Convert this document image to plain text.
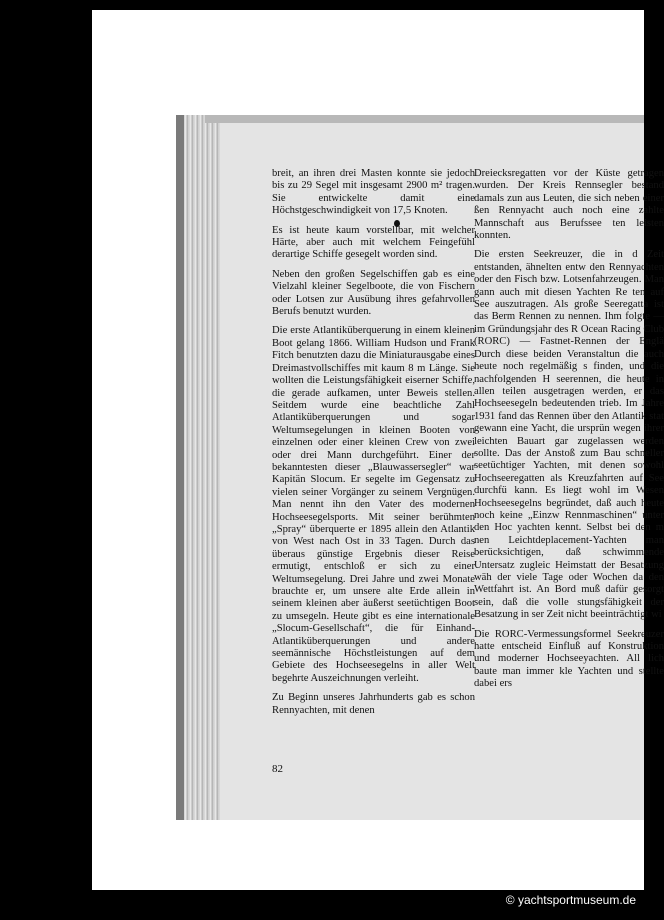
breit, an ihren drei Masten konnte sie jedoch bis zu 29 Segel mit insgesamt 2900 m² tragen. Sie entwickelte damit eine Höchstgeschwindigkeit von 17,5 Knoten.

Es ist heute kaum vorstellbar, mit welcher Härte, aber auch mit welchem Feingefühl derartige Schiffe gesegelt worden sind.

Neben den großen Segelschiffen gab es eine Vielzahl kleiner Segelboote, die von Fischern oder Lotsen zur Ausübung ihres gefahrvollen Berufs benutzt wurden.

Die erste Atlantiküberquerung in einem kleinen Boot gelang 1866. William Hudson und Frank Fitch benutzten dazu die Miniaturausgabe eines Dreimastvollschiffes mit kaum 8 m Länge. Sie wollten die Leistungsfähigkeit eiserner Schiffe, die gerade aufkamen, unter Beweis stellen. Seitdem wurde eine beachtliche Zahl Atlantiküberquerungen und sogar Weltumsegelungen in kleinen Booten von einzelnen oder einer kleinen Crew von zwei oder drei Mann durchgeführt. Einer der bekanntesten dieser „Blauwassersegler“ war Kapitän Slocum. Er segelte im Gegensatz zu vielen seiner Vorgänger zu seinem Vergnügen. Man nennt ihn den Vater des modernen Hochseesegelsports. Mit seiner berühmten „Spray“ überquerte er 1895 allein den Atlantik von West nach Ost in 33 Tagen. Durch das überaus günstige Ergebnis dieser Reise ermutigt, entschloß er sich zu einer Weltumsegelung. Drei Jahre und zwei Monate brauchte er, um unsere alte Erde allein in seinem kleinen aber äußerst seetüchtigen Boot zu umsegeln. Heute gibt es eine internationale „Slocum-Gesellschaft“, die für Einhand-Atlantiküberquerungen und andere seemännische Höchstleistungen auf dem Gebiete des Hochseesegelns in aller Welt begehrte Auszeichnungen verleiht.

Zu Beginn unseres Jahrhunderts gab es schon Rennyachten, mit denen

Dreiecksregatten vor der Küste getragen wurden. Der Kreis Rennsegler bestand damals zun aus Leuten, die sich neben einer ßen Rennyacht auch noch eine zahlte Mannschaft aus Berufssee ten leisten konnten.

Die ersten Seekreuzer, die in d Zeit entstanden, ähnelten entw den Rennyachten oder den Fisch bzw. Lotsenfahrzeugen. Man gann auch mit diesen Yachten Re ten auf See auszutragen. Als große Seeregatta ist das Berm Rennen zu nennen. Ihm folgte — im Gründungsjahr des R Ocean Racing Club (RORC) — Fastnet-Rennen der Englä Durch diese beiden Veranstaltun die auch heute noch regelmäßig s finden, und die nachfolgenden H seerennen, die heute in allen teilen ausgetragen werden, er das Hochseesegeln bedeutenden trieb. Im Jahre 1931 fand das Rennen über den Atlantik stat gewann eine Yacht, die ursprün wegen ihrer leichten Bauart gar zugelassen werden sollte. Das der Anstoß zum Bau schneller seetüchtiger Yachten, mit denen sowohl Hochseeregatten als Kreuzfahrten auf See durchfü kann. Es liegt wohl im Wesen Hochseesegelns begründet, daß auch heute noch keine „Einzw Rennmaschinen“ unter den Hoc yachten kennt. Selbst bei den m nen Leichtdeplacement-Yachten man berücksichtigen, daß schwimmende Untersatz zugleic Heimstatt der Besatzung wäh der viele Tage oder Wochen da den Wettfahrt ist. An Bord muß dafür gesorgt sein, daß die volle stungsfähigkeit der Besatzung in ser Zeit nicht beeinträchtigt wi

Die RORC-Vermessungsformel Seekreuzer hatte entscheid Einfluß auf Konstruktion und moderner Hochseeyachten. All lich baute man immer kle Yachten und stellte dabei ers

82
© yachtsportmuseum.de
